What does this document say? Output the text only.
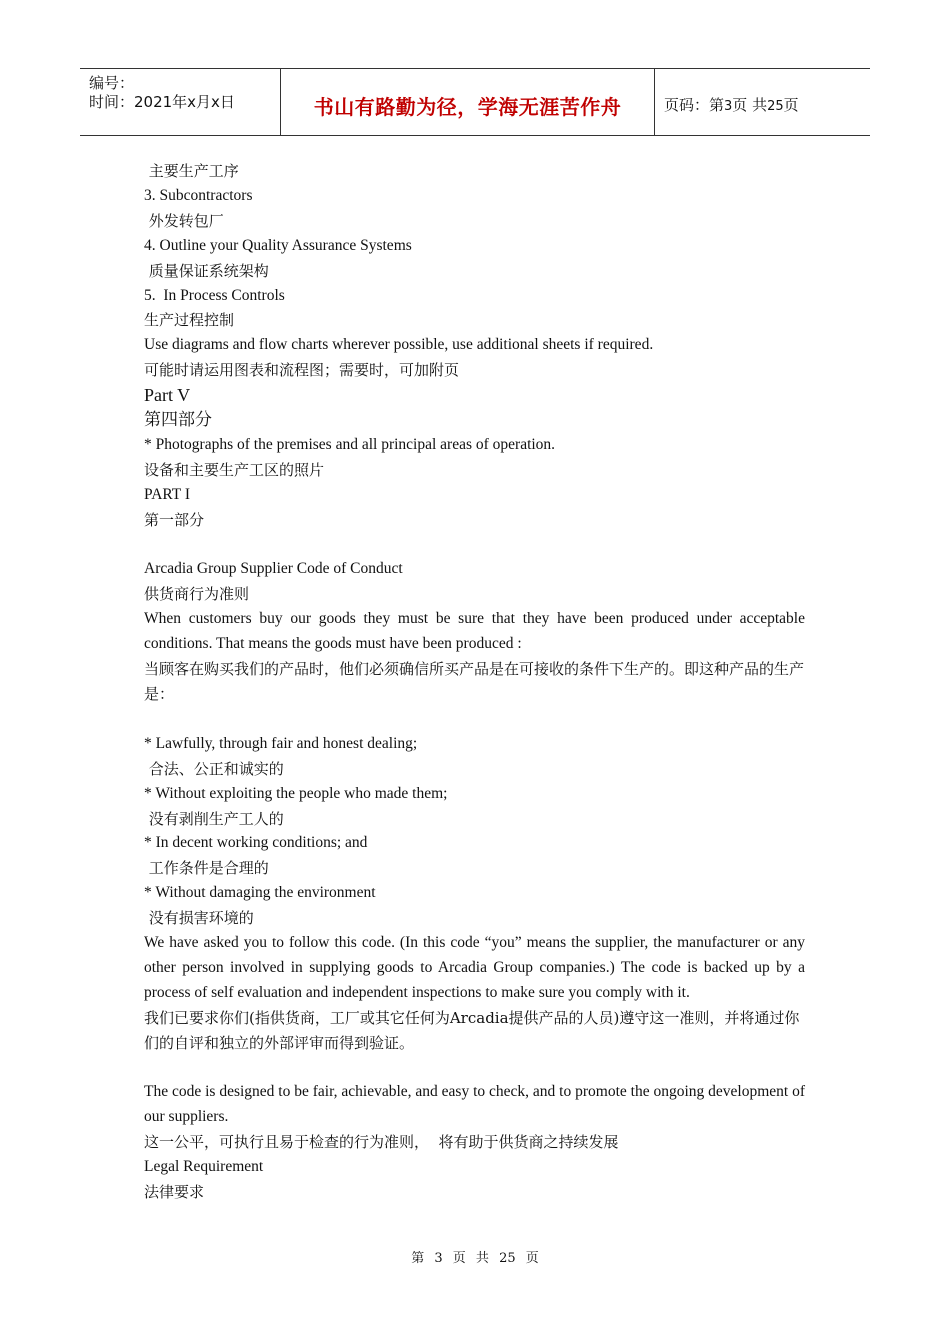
编号：
时间：2021年x月x日	书山有路勤为径，学海无涯苦作舟	页码：第3页 共25页
主要生产工序
3. Subcontractors
外发转包厂
4. Outline your Quality Assurance Systems
质量保证系统架构
5.  In Process Controls
生产过程控制
Use diagrams and flow charts wherever possible, use additional sheets if required.
可能时请运用图表和流程图；需要时，可加附页
Part V
第四部分
* Photographs of the premises and all principal areas of operation.
设备和主要生产工区的照片
PART I
第一部分
Arcadia Group Supplier Code of Conduct
供货商行为准则
When customers buy our goods they must be sure that they have been produced under acceptable conditions. That means the goods must have been produced :
当顾客在购买我们的产品时，他们必须确信所买产品是在可接收的条件下生产的。即这种产品的生产是：
* Lawfully, through fair and honest dealing;
合法、公正和诚实的
* Without exploiting the people who made them;
没有剥削生产工人的
* In decent working conditions; and
工作条件是合理的
* Without damaging the environment
没有损害环境的
We have asked you to follow this code. (In this code “you” means the supplier, the manufacturer or any other person involved in supplying goods to Arcadia Group companies.) The code is backed up by a process of self evaluation and independent inspections to make sure you comply with it.
我们已要求你们(指供货商，工厂或其它任何为Arcadia提供产品的人员)遵守这一准则，并将通过你们的自评和独立的外部评审而得到验证。
The code is designed to be fair, achievable, and easy to check, and to promote the ongoing development of our suppliers.
这一公平，可执行且易于检查的行为准则，  将有助于供货商之持续发展
Legal Requirement
法律要求
第 3 页 共 25 页
